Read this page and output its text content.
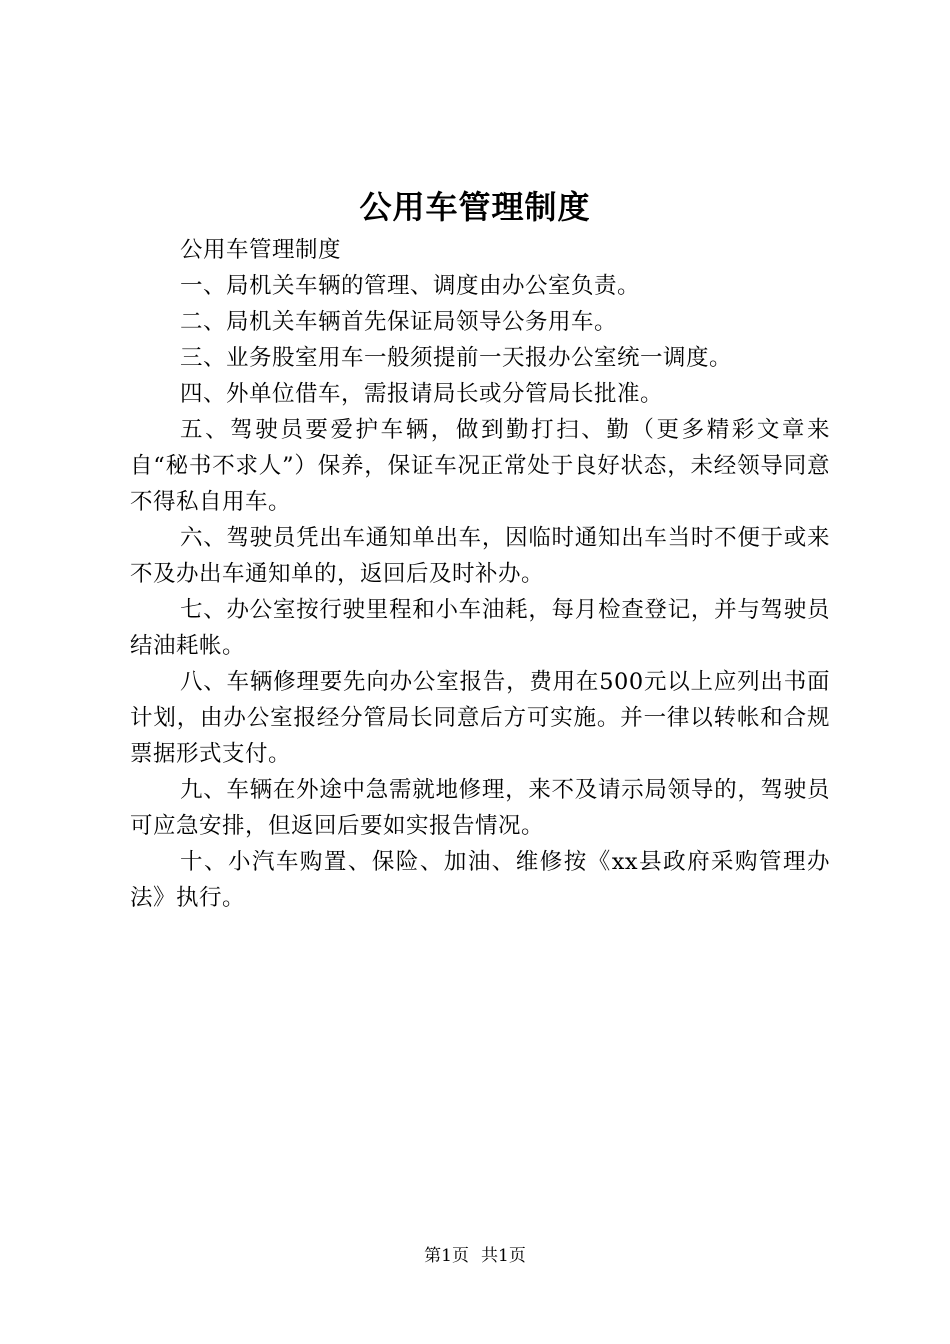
公用车管理制度

公用车管理制度

一、局机关车辆的管理、调度由办公室负责。

二、局机关车辆首先保证局领导公务用车。

三、业务股室用车一般须提前一天报办公室统一调度。

四、外单位借车，需报请局长或分管局长批准。

五、驾驶员要爱护车辆，做到勤打扫、勤（更多精彩文章来自“秘书不求人”）保养，保证车况正常处于良好状态，未经领导同意不得私自用车。

六、驾驶员凭出车通知单出车，因临时通知出车当时不便于或来不及办出车通知单的，返回后及时补办。

七、办公室按行驶里程和小车油耗，每月检查登记，并与驾驶员结油耗帐。

八、车辆修理要先向办公室报告，费用在500元以上应列出书面计划，由办公室报经分管局长同意后方可实施。并一律以转帐和合规票据形式支付。

九、车辆在外途中急需就地修理，来不及请示局领导的，驾驶员可应急安排，但返回后要如实报告情况。

十、小汽车购置、保险、加油、维修按《xx县政府采购管理办法》执行。

第1页 共1页
